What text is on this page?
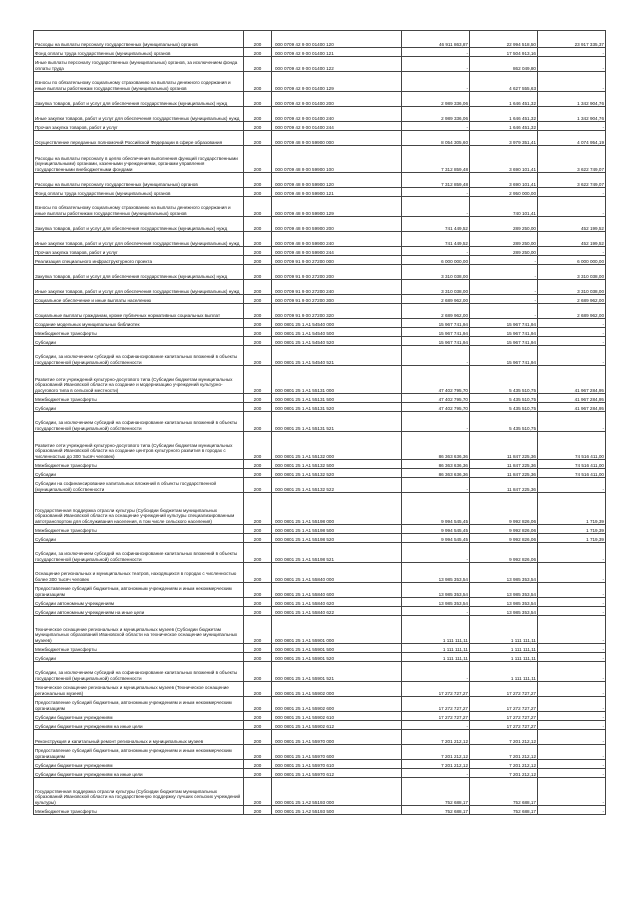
Расходы на выплаты персоналу государственных (муниципальных) органов	200	000 0709 42 9 00 01400 120	46 911 863,87	22 994 518,50	23 917 335,37
Фонд оплаты труда государственных (муниципальных) органов	200	000 0709 42 9 00 01400 121	-	17 504 913,16	-
Иные выплаты персоналу государственных (муниципальных) органов, за исключением фонда оплаты труда	200	000 0709 42 9 00 01400 122	-	862 049,80	-
Взносы по обязательному социальному страхованию на выплаты денежного содержания и иные выплаты работникам государственных (муниципальных) органов	200	000 0709 42 9 00 01400 129	-	4 627 555,63	-
Закупка товаров, работ и услуг для обеспечения государственных (муниципальных) нужд	200	000 0709 42 9 00 01400 200	2 989 336,06	1 646 451,32	1 342 904,76
Иные закупки товаров, работ и услуг для обеспечения государственных (муниципальных) нужд	200	000 0709 42 9 00 01400 240	2 989 336,06	1 646 451,32	1 342 904,76
Прочая закупка товаров, работ и услуг	200	000 0709 42 9 00 01400 244	-	1 646 451,32	-
Осуществление переданных полномочий Российской Федерации в сфере образования	200	000 0709 48 9 00 59900 000	8 054 305,60	3 979 351,41	4 074 954,19
Расходы на выплаты персоналу в целях обеспечения выполнения функций государственными (муниципальными) органами, казенными учреждениями, органами управления государственными внебюджетными фондами	200	000 0709 48 9 00 59900 100	7 312 859,48	3 690 101,41	3 622 749,07
Расходы на выплаты персоналу государственных (муниципальных) органов	200	000 0709 48 9 00 59900 120	7 312 859,48	3 690 101,41	3 622 749,07
Фонд оплаты труда государственных (муниципальных) органов	200	000 0709 48 9 00 59900 121	-	2 950 000,00	-
Взносы по обязательному социальному страхованию на выплаты денежного содержания и иные выплаты работникам государственных (муниципальных) органов	200	000 0709 48 9 00 59900 129	-	740 101,41	-
Закупка товаров, работ и услуг для обеспечения государственных (муниципальных) нужд	200	000 0709 48 9 00 59900 200	741 449,52	289 250,00	452 199,52
Иные закупки товаров, работ и услуг для обеспечения государственных (муниципальных) нужд	200	000 0709 48 9 00 59900 240	741 449,52	289 250,00	452 199,52
Прочая закупка товаров, работ и услуг	200	000 0709 48 9 00 59900 244	-	289 250,00	-
Реализация специального инфраструктурного проекта	200	000 0709 91 9 00 27200 000	6 000 000,00	-	6 000 000,00
Закупка товаров, работ и услуг для обеспечения государственных (муниципальных) нужд	200	000 0709 91 9 00 27200 200	3 310 038,00	-	3 310 038,00
Иные закупки товаров, работ и услуг для обеспечения государственных (муниципальных) нужд	200	000 0709 91 9 00 27200 240	3 310 038,00	-	3 310 038,00
Социальное обеспечение и иные выплаты населению	200	000 0709 91 9 00 27200 300	2 689 962,00	-	2 689 962,00
Социальные выплаты гражданам, кроме публичных нормативных социальных выплат	200	000 0709 91 9 00 27200 320	2 689 962,00	-	2 689 962,00
Создание модельных муниципальных библиотек	200	000 0801 25 1 A1 54540 000	15 967 741,94	15 967 741,94	-
Межбюджетные трансферты	200	000 0801 25 1 A1 54540 500	15 967 741,94	15 967 741,94	-
Субсидии	200	000 0801 25 1 A1 54540 520	15 967 741,94	15 967 741,94	-
Субсидии, за исключением субсидий на софинансирование капитальных вложений в объекты государственной (муниципальной) собственности	200	000 0801 25 1 A1 54540 521	-	15 967 741,94	-
Развитие сети учреждений культурно-досугового типа (Субсидии бюджетам муниципальных образований Ивановской области на создание и модернизацию учреждений культурно-досугового типа в сельской местности)	200	000 0801 25 1 A1 55131 000	47 402 795,70	5 435 510,75	41 967 284,95
Межбюджетные трансферты	200	000 0801 25 1 A1 55131 500	47 402 795,70	5 435 510,75	41 967 284,95
Субсидии	200	000 0801 25 1 A1 55131 520	47 402 795,70	5 435 510,75	41 967 284,95
Субсидии, за исключением субсидий на софинансирование капитальных вложений в объекты государственной (муниципальной) собственности	200	000 0801 25 1 A1 55131 521	-	5 435 510,75	-
Развитие сети учреждений культурно-досугового типа (Субсидии бюджетам муниципальных образований Ивановской области на создание центров культурного развития в городах с численностью до 300 тысяч человек)	200	000 0801 25 1 A1 55132 000	86 363 636,36	11 847 225,36	74 516 411,00
Межбюджетные трансферты	200	000 0801 25 1 A1 55132 500	86 363 636,36	11 847 225,36	74 516 411,00
Субсидии	200	000 0801 25 1 A1 55132 520	86 363 636,36	11 847 225,36	74 516 411,00
Субсидии на софинансирование капитальных вложений в объекты государственной (муниципальной) собственности	200	000 0801 25 1 A1 55132 522	-	11 847 225,36	-
Государственная поддержка отрасли культуры (Субсидии бюджетам муниципальных образований Ивановской области на оснащение учреждений культуры специализированным автотранспортом для обслуживания населения, в том числе сельского населения)	200	000 0801 25 1 A1 55198 000	9 994 545,45	9 992 826,06	1 719,39
Межбюджетные трансферты	200	000 0801 25 1 A1 55198 500	9 994 545,45	9 992 826,06	1 719,39
Субсидии	200	000 0801 25 1 A1 55198 520	9 994 545,45	9 992 826,06	1 719,39
Субсидии, за исключением субсидий на софинансирование капитальных вложений в объекты государственной (муниципальной) собственности	200	000 0801 25 1 A1 55198 521	-	9 992 826,06	-
Оснащение региональных и муниципальных театров, находящихся в городах с численностью более 300 тысяч человек	200	000 0801 25 1 A1 55840 000	13 985 353,54	13 985 353,54	-
Предоставление субсидий бюджетным, автономным учреждениям и иным некоммерческим организациям	200	000 0801 25 1 A1 55840 600	13 985 353,54	13 985 353,54	-
Субсидии автономным учреждениям	200	000 0801 25 1 A1 55840 620	13 985 353,54	13 985 353,54	-
Субсидии автономным учреждениям на иные цели	200	000 0801 25 1 A1 55840 622	-	13 985 353,54	-
Техническое оснащение региональных и муниципальных музеев (Субсидии бюджетам муниципальных образований Ивановской области на техническое оснащение муниципальных музеев)	200	000 0801 25 1 A1 55901 000	1 111 111,11	1 111 111,11	-
Межбюджетные трансферты	200	000 0801 25 1 A1 55901 500	1 111 111,11	1 111 111,11	-
Субсидии	200	000 0801 25 1 A1 55901 520	1 111 111,11	1 111 111,11	-
Субсидии, за исключением субсидий на софинансирование капитальных вложений в объекты государственной (муниципальной) собственности	200	000 0801 25 1 A1 55901 521	-	1 111 111,11	-
Техническое оснащение региональных и муниципальных музеев (Техническое оснащение региональных музеев)	200	000 0801 25 1 A1 55902 000	17 272 727,27	17 272 727,27	-
Предоставление субсидий бюджетным, автономным учреждениям и иным некоммерческим организациям	200	000 0801 25 1 A1 55902 600	17 272 727,27	17 272 727,27	-
Субсидии бюджетным учреждениям	200	000 0801 25 1 A1 55902 610	17 272 727,27	17 272 727,27	-
Субсидии бюджетным учреждениям на иные цели	200	000 0801 25 1 A1 55902 612	-	17 272 727,27	-
Реконструкция и капитальный ремонт региональных и муниципальных музеев	200	000 0801 25 1 A1 55970 000	7 201 212,12	7 201 212,12	-
Предоставление субсидий бюджетным, автономным учреждениям и иным некоммерческим организациям	200	000 0801 25 1 A1 55970 600	7 201 212,12	7 201 212,12	-
Субсидии бюджетным учреждениям	200	000 0801 25 1 A1 55970 610	7 201 212,12	7 201 212,12	-
Субсидии бюджетным учреждениям на иные цели	200	000 0801 25 1 A1 55970 612	-	7 201 212,12	-
Государственная поддержка отрасли культуры (Субсидии бюджетам муниципальных образований Ивановской области на государственную поддержку лучших сельских учреждений культуры)	200	000 0801 25 1 A2 55193 000	752 688,17	752 688,17	-
Межбюджетные трансферты	200	000 0801 25 1 A2 55193 500	752 688,17	752 688,17	-
